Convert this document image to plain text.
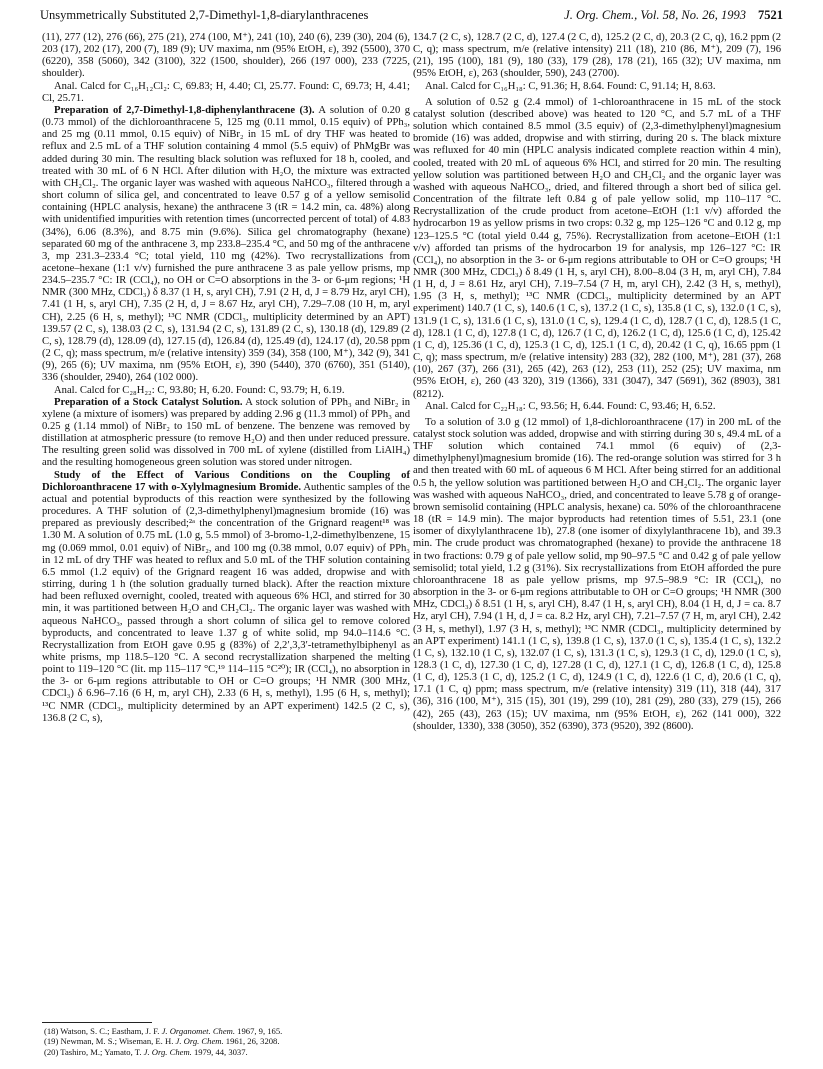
Unsymmetrically Substituted 2,7-Dimethyl-1,8-diarylanthracenes	J. Org. Chem., Vol. 58, No. 26, 1993 7521

(11), 277 (12), 276 (66), 275 (21), 274 (100, M⁺), 241 (10), 240 (6), 239 (30), 204 (6), 203 (17), 202 (17), 200 (7), 189 (9); UV maxima, nm (95% EtOH, ε), 392 (5500), 370 (6220), 358 (5060), 342 (3100), 322 (1500, shoulder), 266 (197 000), 233 (7225, shoulder).

Anal. Calcd for C₁₆H₁₂Cl₂: C, 69.83; H, 4.40; Cl, 25.77. Found: C, 69.73; H, 4.41; Cl, 25.71.

Preparation of 2,7-Dimethyl-1,8-diphenylanthracene (3). A solution of 0.20 g (0.73 mmol) of the dichloroanthracene 5, 125 mg (0.11 mmol, 0.15 equiv) of PPh₃, and 25 mg (0.11 mmol, 0.15 equiv) of NiBr₂ in 15 mL of dry THF was heated to reflux and 2.5 mL of a THF solution containing 4 mmol (5.5 equiv) of PhMgBr was added during 30 min. The resulting black solution was refluxed for 18 h, cooled, and treated with 30 mL of 6 N HCl. After dilution with H₂O, the mixture was extracted with CH₂Cl₂. The organic layer was washed with aqueous NaHCO₃, filtered through a short column of silica gel, and concentrated to leave 0.57 g of a yellow semisolid containing (HPLC analysis, hexane) the anthracene 3 (tR = 14.2 min, ca. 48%) along with unidentified impurities with retention times (uncorrected percent of total) of 4.83 (34%), 6.06 (8.3%), and 8.75 min (9.6%). Silica gel chromatography (hexane) separated 60 mg of the anthracene 3, mp 233.8–235.4 °C, and 50 mg of the anthracene 3, mp 231.3–233.4 °C; total yield, 110 mg (42%). Two recrystallizations from acetone–hexane (1:1 v/v) furnished the pure anthracene 3 as pale yellow prisms, mp 234.5–235.7 °C: IR (CCl₄), no OH or C=O absorptions in the 3- or 6-μm regions; ¹H NMR (300 MHz, CDCl₃) δ 8.37 (1 H, s, aryl CH), 7.91 (2 H, d, J = 8.79 Hz, aryl CH), 7.41 (1 H, s, aryl CH), 7.35 (2 H, d, J = 8.67 Hz, aryl CH), 7.29–7.08 (10 H, m, aryl CH), 2.25 (6 H, s, methyl); ¹³C NMR (CDCl₃, multiplicity determined by an APT) 139.57 (2 C, s), 138.03 (2 C, s), 131.94 (2 C, s), 131.89 (2 C, s), 130.18 (d), 129.89 (2 C, s), 128.79 (d), 128.09 (d), 127.15 (d), 126.84 (d), 125.49 (d), 124.17 (d), 20.58 ppm (2 C, q); mass spectrum, m/e (relative intensity) 359 (34), 358 (100, M⁺), 342 (9), 341 (9), 265 (6); UV maxima, nm (95% EtOH, ε), 390 (5440), 370 (6760), 351 (5140), 336 (shoulder, 2940), 264 (102 000).

Anal. Calcd for C₂₈H₂₂: C, 93.80; H, 6.20. Found: C, 93.79; H, 6.19.

Preparation of a Stock Catalyst Solution. A stock solution of PPh₃ and NiBr₂ in xylene (a mixture of isomers) was prepared by adding 2.96 g (11.3 mmol) of PPh₃ and 0.25 g (1.14 mmol) of NiBr₂ to 150 mL of benzene. The benzene was removed by distillation at atmospheric pressure (to remove H₂O) and then under reduced pressure. The resulting green solid was dissolved in 700 mL of xylene (distilled from LiAlH₄) and the resulting homogeneous green solution was stored under nitrogen.

Study of the Effect of Various Conditions on the Coupling of Dichloroanthracene 17 with o-Xylylmagnesium Bromide. Authentic samples of the actual and potential byproducts of this reaction were synthesized by the following procedures. A THF solution of (2,3-dimethylphenyl)magnesium bromide (16) was prepared as previously described;²ᵃ the concentration of the Grignard reagent¹⁸ was 1.30 M. A solution of 0.75 mL (1.0 g, 5.5 mmol) of 3-bromo-1,2-dimethylbenzene, 15 mg (0.069 mmol, 0.01 equiv) of NiBr₂, and 100 mg (0.38 mmol, 0.07 equiv) of PPh₃ in 12 mL of dry THF was heated to reflux and 5.0 mL of the THF solution containing 6.5 mmol (1.2 equiv) of the Grignard reagent 16 was added, dropwise and with stirring, during 1 h (the solution gradually turned black). After the reaction mixture had been refluxed overnight, cooled, treated with aqueous 6% HCl, and stirred for 30 min, it was partitioned between H₂O and CH₂Cl₂. The organic layer was washed with aqueous NaHCO₃, passed through a short column of silica gel to remove colored byproducts, and concentrated to leave 1.37 g of white solid, mp 94.0–114.6 °C. Recrystallization from EtOH gave 0.95 g (83%) of 2,2′,3,3′-tetramethylbiphenyl as white prisms, mp 118.5–120 °C. A second recrystallization sharpened the melting point to 119–120 °C (lit. mp 115–117 °C,¹⁹ 114–115 °C²⁰); IR (CCl₄), no absorption in the 3- or 6-μm regions attributable to OH or C=O groups; ¹H NMR (300 MHz, CDCl₃) δ 6.96–7.16 (6 H, m, aryl CH), 2.33 (6 H, s, methyl), 1.95 (6 H, s, methyl); ¹³C NMR (CDCl₃, multiplicity determined by an APT experiment) 142.5 (2 C, s), 136.8 (2 C, s),

134.7 (2 C, s), 128.7 (2 C, d), 127.4 (2 C, d), 125.2 (2 C, d), 20.3 (2 C, q), 16.2 ppm (2 C, q); mass spectrum, m/e (relative intensity) 211 (18), 210 (86, M⁺), 209 (7), 196 (21), 195 (100), 181 (9), 180 (33), 179 (28), 178 (21), 165 (32); UV maxima, nm (95% EtOH, ε), 263 (shoulder, 590), 243 (2700).

Anal. Calcd for C₁₆H₁₈: C, 91.36; H, 8.64. Found: C, 91.14; H, 8.63.

A solution of 0.52 g (2.4 mmol) of 1-chloroanthracene in 15 mL of the stock catalyst solution (described above) was heated to 120 °C, and 5.7 mL of a THF solution which contained 8.5 mmol (3.5 equiv) of (2,3-dimethylphenyl)magnesium bromide (16) was added, dropwise and with stirring, during 20 s. The black mixture was refluxed for 40 min (HPLC analysis indicated complete reaction within 4 min), cooled, treated with 20 mL of aqueous 6% HCl, and stirred for 20 min. The resulting yellow solution was partitioned between H₂O and CH₂Cl₂ and the organic layer was washed with aqueous NaHCO₃, dried, and filtered through a short bed of silica gel. Concentration of the filtrate left 0.84 g of pale yellow solid, mp 110–117 °C. Recrystallization of the crude product from acetone–EtOH (1:1 v/v) afforded the hydrocarbon 19 as yellow prisms in two crops: 0.32 g, mp 125–126 °C and 0.12 g, mp 123–125.5 °C (total yield 0.44 g, 75%). Recrystallization from acetone–EtOH (1:1 v/v) afforded tan prisms of the hydrocarbon 19 for analysis, mp 126–127 °C: IR (CCl₄), no absorption in the 3- or 6-μm regions attributable to OH or C=O groups; ¹H NMR (300 MHz, CDCl₃) δ 8.49 (1 H, s, aryl CH), 8.00–8.04 (3 H, m, aryl CH), 7.84 (1 H, d, J = 8.61 Hz, aryl CH), 7.19–7.54 (7 H, m, aryl CH), 2.42 (3 H, s, methyl), 1.95 (3 H, s, methyl); ¹³C NMR (CDCl₃, multiplicity determined by an APT experiment) 140.7 (1 C, s), 140.6 (1 C, s), 137.2 (1 C, s), 135.8 (1 C, s), 132.0 (1 C, s), 131.9 (1 C, s), 131.6 (1 C, s), 131.0 (1 C, s), 129.4 (1 C, d), 128.7 (1 C, d), 128.5 (1 C, d), 128.1 (1 C, d), 127.8 (1 C, d), 126.7 (1 C, d), 126.2 (1 C, d), 125.6 (1 C, d), 125.42 (1 C, d), 125.36 (1 C, d), 125.3 (1 C, d), 125.1 (1 C, d), 20.42 (1 C, q), 16.65 ppm (1 C, q); mass spectrum, m/e (relative intensity) 283 (32), 282 (100, M⁺), 281 (37), 268 (10), 267 (37), 266 (31), 265 (42), 263 (12), 253 (11), 252 (25); UV maxima, nm (95% EtOH, ε), 260 (43 320), 319 (1366), 331 (3047), 347 (5691), 362 (8903), 381 (8212).

Anal. Calcd for C₂₂H₁₈: C, 93.56; H, 6.44. Found: C, 93.46; H, 6.52.

To a solution of 3.0 g (12 mmol) of 1,8-dichloroanthracene (17) in 200 mL of the catalyst stock solution was added, dropwise and with stirring during 30 s, 49.4 mL of a THF solution which contained 74.1 mmol (6 equiv) of (2,3-dimethylphenyl)magnesium bromide (16). The red-orange solution was stirred for 3 h and then treated with 60 mL of aqueous 6 M HCl. After being stirred for an additional 0.5 h, the yellow solution was partitioned between H₂O and CH₂Cl₂. The organic layer was washed with aqueous NaHCO₃, dried, and concentrated to leave 5.78 g of orange-brown semisolid containing (HPLC analysis, hexane) ca. 50% of the chloroanthracene 18 (tR = 14.9 min). The major byproducts had retention times of 5.51, 23.1 (one isomer of dixylylanthracene 1b), 27.8 (one isomer of dixylylanthracene 1b), and 39.3 min. The crude product was chromatographed (hexane) to provide the anthracene 18 in two fractions: 0.79 g of pale yellow solid, mp 90–97.5 °C and 0.42 g of pale yellow semisolid; total yield, 1.2 g (31%). Six recrystallizations from EtOH afforded the pure chloroanthracene 18 as pale yellow prisms, mp 97.5–98.9 °C: IR (CCl₄), no absorption in the 3- or 6-μm regions attributable to OH or C=O groups; ¹H NMR (300 MHz, CDCl₃) δ 8.51 (1 H, s, aryl CH), 8.47 (1 H, s, aryl CH), 8.04 (1 H, d, J = ca. 8.7 Hz, aryl CH), 7.94 (1 H, d, J = ca. 8.2 Hz, aryl CH), 7.21–7.57 (7 H, m, aryl CH), 2.42 (3 H, s, methyl), 1.97 (3 H, s, methyl); ¹³C NMR (CDCl₃, multiplicity determined by an APT experiment) 141.1 (1 C, s), 139.8 (1 C, s), 137.0 (1 C, s), 135.4 (1 C, s), 132.2 (1 C, s), 132.10 (1 C, s), 132.07 (1 C, s), 131.3 (1 C, s), 129.3 (1 C, d), 129.0 (1 C, s), 128.3 (1 C, d), 127.30 (1 C, d), 127.28 (1 C, d), 127.1 (1 C, d), 126.8 (1 C, d), 125.8 (1 C, d), 125.3 (1 C, d), 125.2 (1 C, d), 124.9 (1 C, d), 122.6 (1 C, d), 20.6 (1 C, q), 17.1 (1 C, q) ppm; mass spectrum, m/e (relative intensity) 319 (11), 318 (44), 317 (36), 316 (100, M⁺), 315 (15), 301 (19), 299 (10), 281 (29), 280 (33), 279 (15), 266 (42), 265 (43), 263 (15); UV maxima, nm (95% EtOH, ε), 262 (141 000), 322 (shoulder, 1330), 338 (3050), 352 (6390), 373 (9520), 392 (8600).

(18) Watson, S. C.; Eastham, J. F. J. Organomet. Chem. 1967, 9, 165.
(19) Newman, M. S.; Wiseman, E. H. J. Org. Chem. 1961, 26, 3208.
(20) Tashiro, M.; Yamato, T. J. Org. Chem. 1979, 44, 3037.
